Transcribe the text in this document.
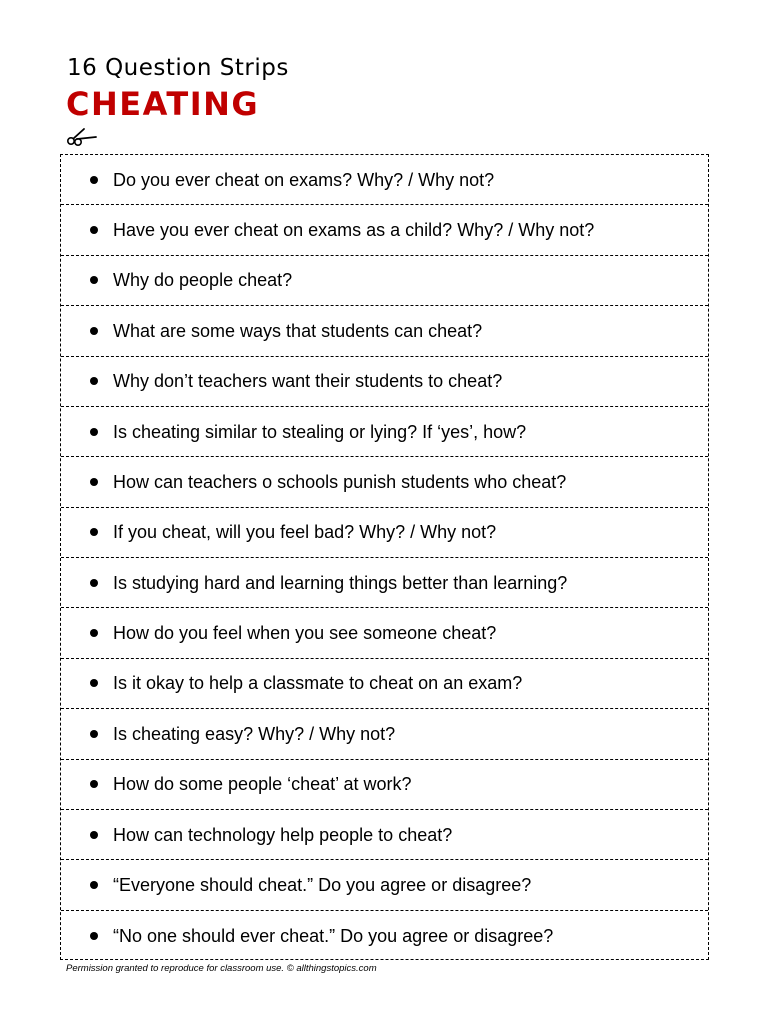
16 Question Strips
CHEATING
Do you ever cheat on exams? Why? / Why not?
Have you ever cheat on exams as a child? Why? / Why not?
Why do people cheat?
What are some ways that students can cheat?
Why don’t teachers want their students to cheat?
Is cheating similar to stealing or lying? If ‘yes’, how?
How can teachers o schools punish students who cheat?
If you cheat, will you feel bad? Why? / Why not?
Is studying hard and learning things better than learning?
How do you feel when you see someone cheat?
Is it okay to help a classmate to cheat on an exam?
Is cheating easy? Why? / Why not?
How do some people ‘cheat’ at work?
How can technology help people to cheat?
“Everyone should cheat.” Do you agree or disagree?
“No one should ever cheat.” Do you agree or disagree?

Permission granted to reproduce for classroom use. © allthingstopics.com
